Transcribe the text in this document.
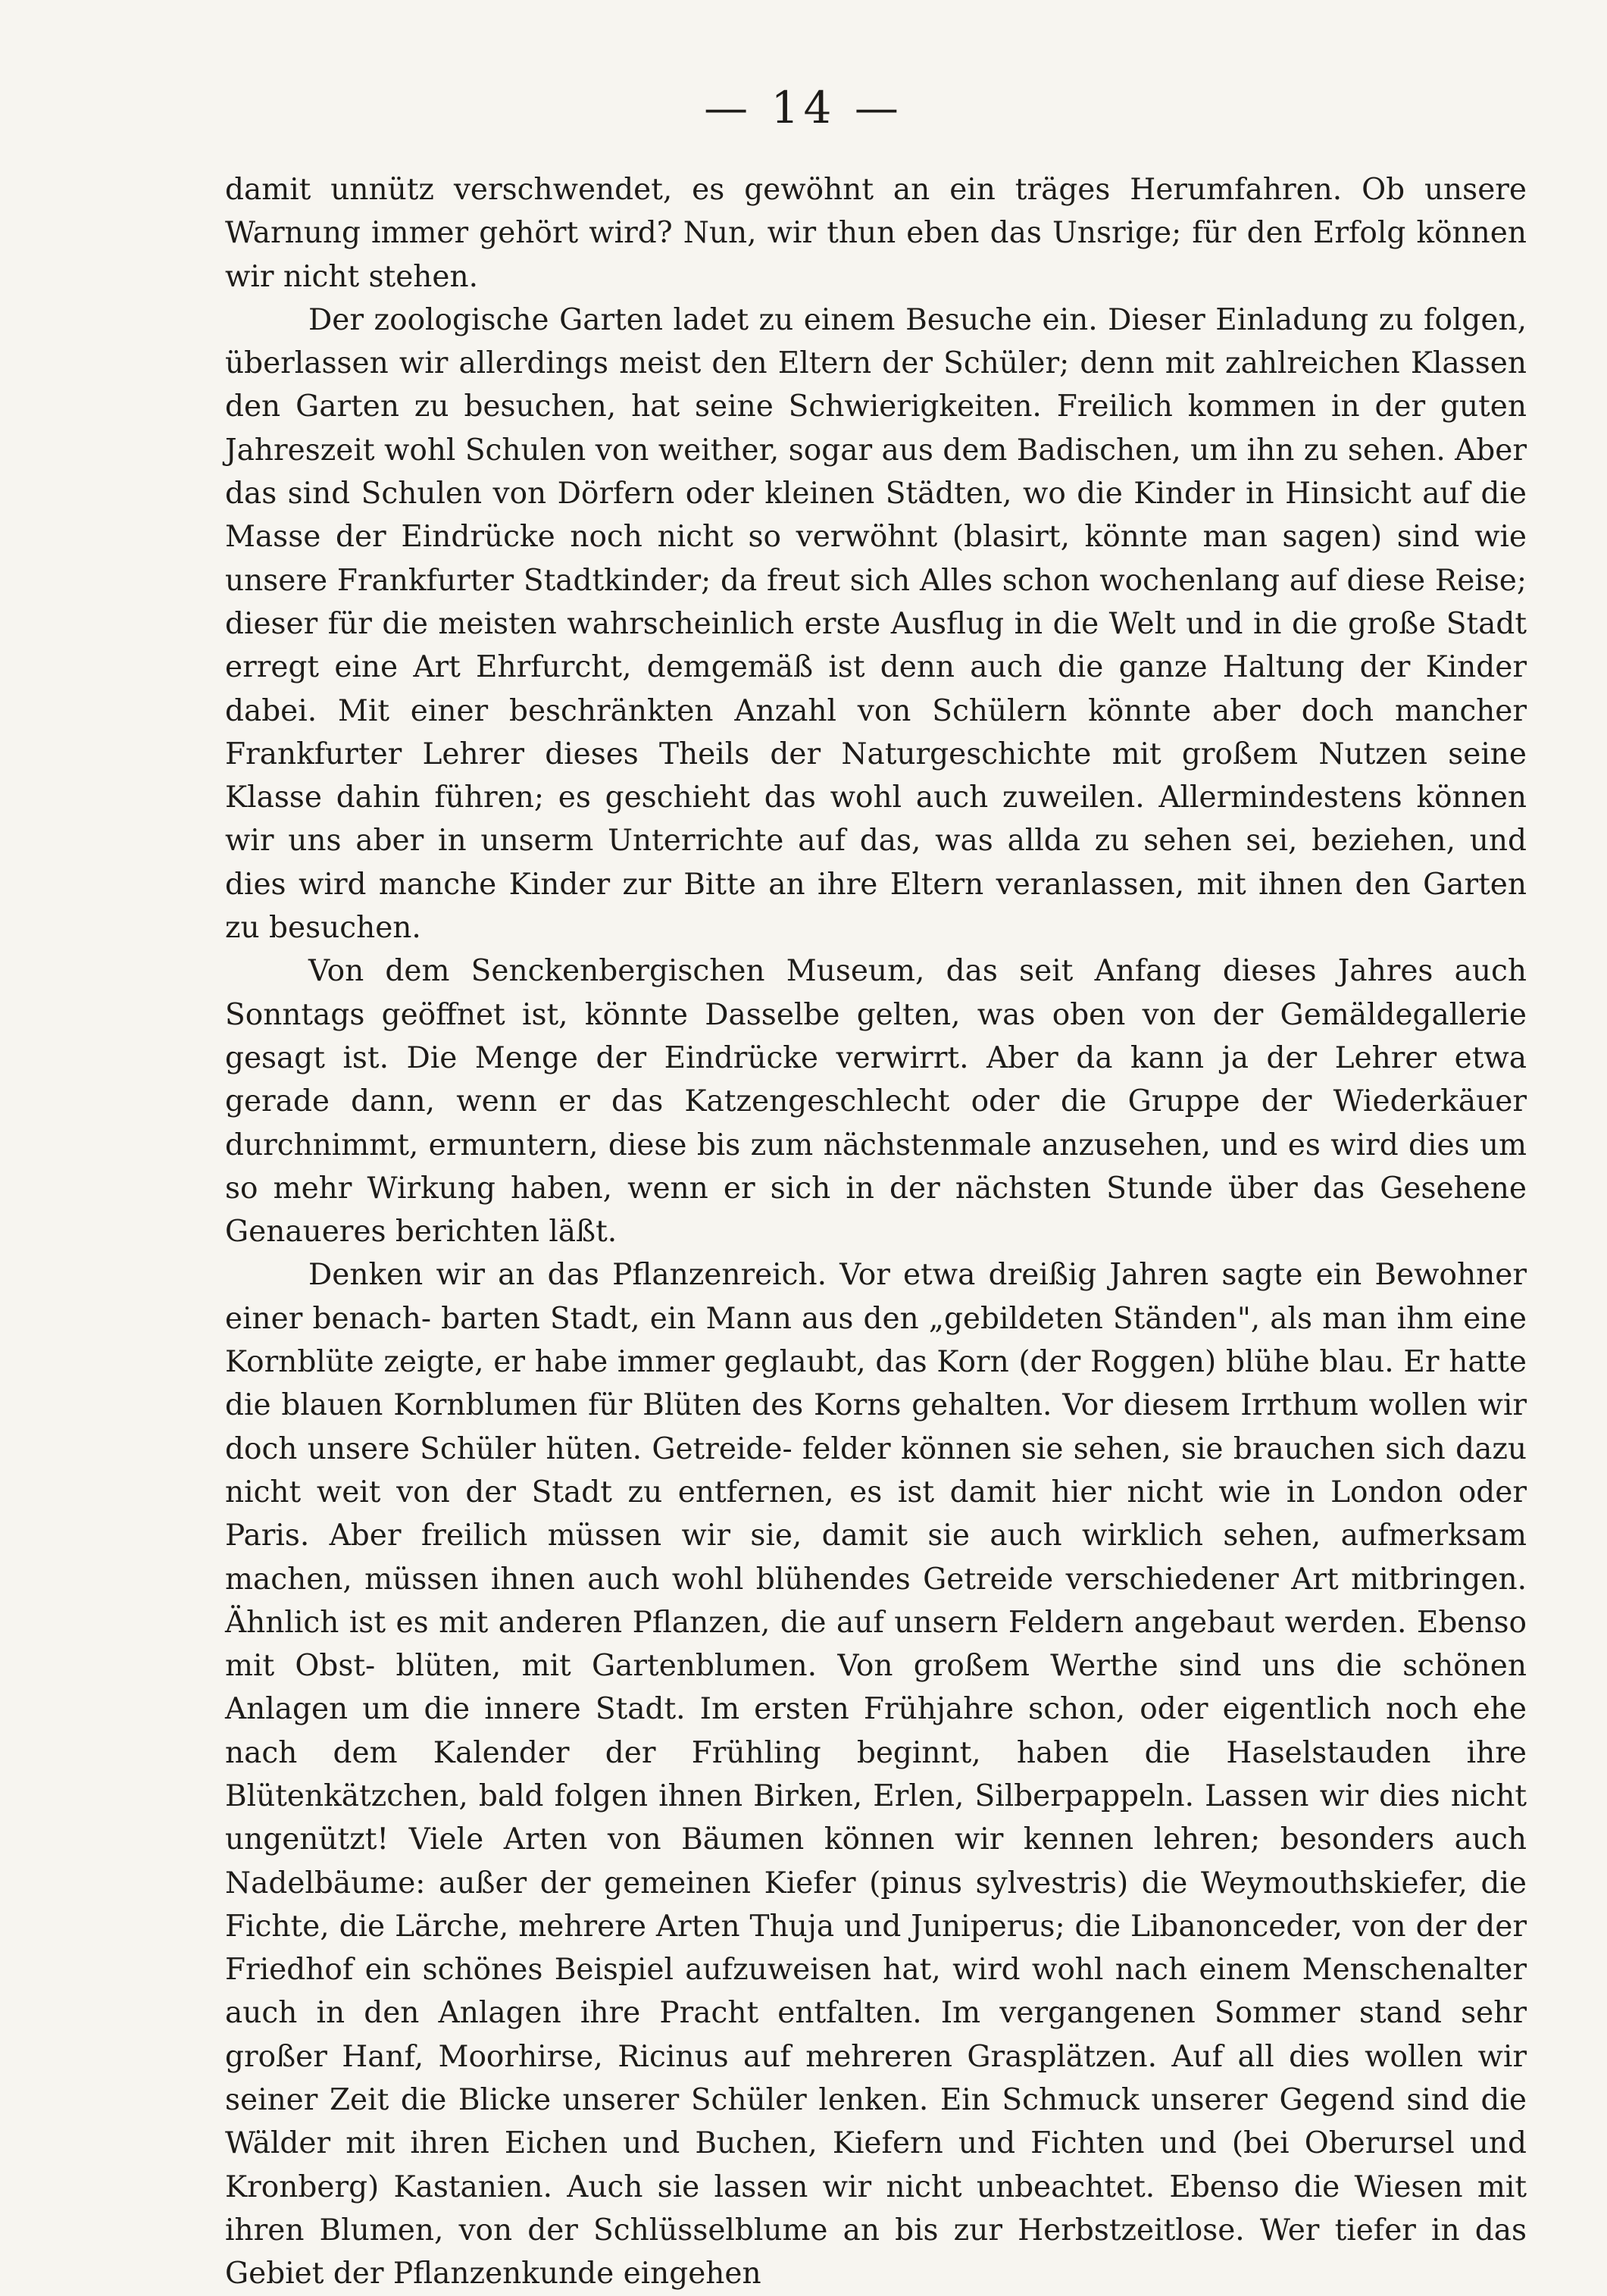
— 14 —

damit unnütz verschwendet, es gewöhnt an ein träges Herumfahren. Ob unsere Warnung immer gehört wird? Nun, wir thun eben das Unsrige; für den Erfolg können wir nicht stehen.

Der zoologische Garten ladet zu einem Besuche ein. Dieser Einladung zu folgen, überlassen wir allerdings meist den Eltern der Schüler; denn mit zahlreichen Klassen den Garten zu besuchen, hat seine Schwierigkeiten. Freilich kommen in der guten Jahreszeit wohl Schulen von weither, sogar aus dem Badischen, um ihn zu sehen. Aber das sind Schulen von Dörfern oder kleinen Städten, wo die Kinder in Hinsicht auf die Masse der Eindrücke noch nicht so verwöhnt (blasirt, könnte man sagen) sind wie unsere Frankfurter Stadtkinder; da freut sich Alles schon wochenlang auf diese Reise; dieser für die meisten wahrscheinlich erste Ausflug in die Welt und in die große Stadt erregt eine Art Ehrfurcht, demgemäß ist denn auch die ganze Haltung der Kinder dabei. Mit einer beschränkten Anzahl von Schülern könnte aber doch mancher Frankfurter Lehrer dieses Theils der Naturgeschichte mit großem Nutzen seine Klasse dahin führen; es geschieht das wohl auch zuweilen. Allermindestens können wir uns aber in unserm Unterrichte auf das, was allda zu sehen sei, beziehen, und dies wird manche Kinder zur Bitte an ihre Eltern veranlassen, mit ihnen den Garten zu besuchen.

Von dem Senckenbergischen Museum, das seit Anfang dieses Jahres auch Sonntags geöffnet ist, könnte Dasselbe gelten, was oben von der Gemäldegallerie gesagt ist. Die Menge der Eindrücke verwirrt. Aber da kann ja der Lehrer etwa gerade dann, wenn er das Katzengeschlecht oder die Gruppe der Wiederkäuer durchnimmt, ermuntern, diese bis zum nächstenmale anzusehen, und es wird dies um so mehr Wirkung haben, wenn er sich in der nächsten Stunde über das Gesehene Genaueres berichten läßt.

Denken wir an das Pflanzenreich. Vor etwa dreißig Jahren sagte ein Bewohner einer benach- barten Stadt, ein Mann aus den „gebildeten Ständen", als man ihm eine Kornblüte zeigte, er habe immer geglaubt, das Korn (der Roggen) blühe blau. Er hatte die blauen Kornblumen für Blüten des Korns gehalten. Vor diesem Irrthum wollen wir doch unsere Schüler hüten. Getreide- felder können sie sehen, sie brauchen sich dazu nicht weit von der Stadt zu entfernen, es ist damit hier nicht wie in London oder Paris. Aber freilich müssen wir sie, damit sie auch wirklich sehen, aufmerksam machen, müssen ihnen auch wohl blühendes Getreide verschiedener Art mitbringen. Ähnlich ist es mit anderen Pflanzen, die auf unsern Feldern angebaut werden. Ebenso mit Obst- blüten, mit Gartenblumen. Von großem Werthe sind uns die schönen Anlagen um die innere Stadt. Im ersten Frühjahre schon, oder eigentlich noch ehe nach dem Kalender der Frühling beginnt, haben die Haselstauden ihre Blütenkätzchen, bald folgen ihnen Birken, Erlen, Silberpappeln. Lassen wir dies nicht ungenützt! Viele Arten von Bäumen können wir kennen lehren; besonders auch Nadelbäume: außer der gemeinen Kiefer (pinus sylvestris) die Weymouthskiefer, die Fichte, die Lärche, mehrere Arten Thuja und Juniperus; die Libanonceder, von der der Friedhof ein schönes Beispiel aufzuweisen hat, wird wohl nach einem Menschenalter auch in den Anlagen ihre Pracht entfalten. Im vergangenen Sommer stand sehr großer Hanf, Moorhirse, Ricinus auf mehreren Grasplätzen. Auf all dies wollen wir seiner Zeit die Blicke unserer Schüler lenken. Ein Schmuck unserer Gegend sind die Wälder mit ihren Eichen und Buchen, Kiefern und Fichten und (bei Oberursel und Kronberg) Kastanien. Auch sie lassen wir nicht unbeachtet. Ebenso die Wiesen mit ihren Blumen, von der Schlüsselblume an bis zur Herbstzeitlose. Wer tiefer in das Gebiet der Pflanzenkunde eingehen
